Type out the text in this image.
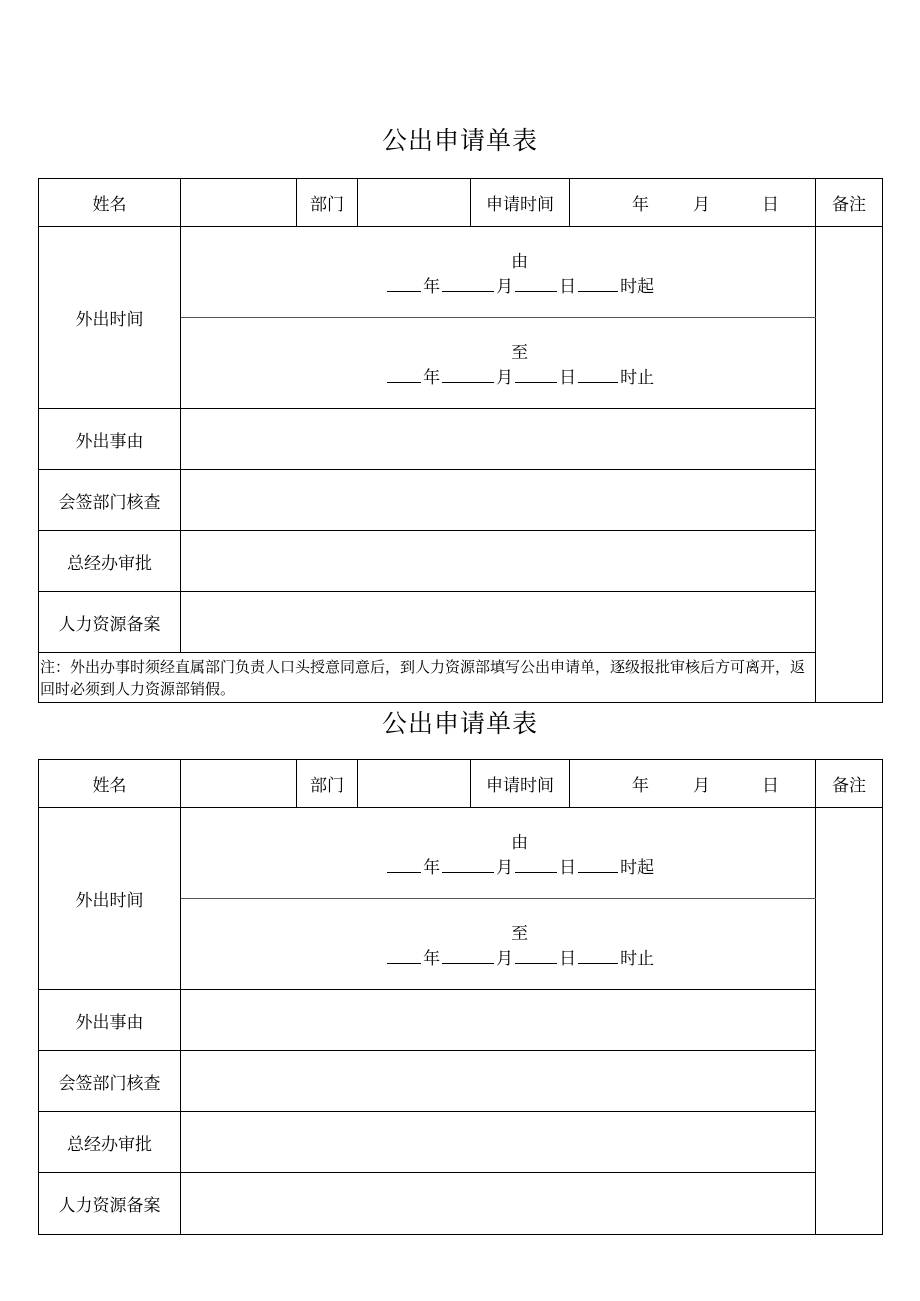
公出申请单表
姓名		部门		申请时间	年 月 日	备注
外出时间	由
年 月 日 时起				

至
年 月 日 时止					

外出事由						
会签部门核查						
总经办审批						
人力资源备案						
注：外出办事时须经直属部门负责人口头授意同意后，到人力资源部填写公出申请单，逐级报批审核后方可离开，返回时必须到人力资源部销假。						
公出申请单表
姓名		部门		申请时间	年 月 日	备注
外出时间	由
年 月 日 时起				

至
年 月 日 时止					

外出事由						
会签部门核查						
总经办审批						
人力资源备案						
